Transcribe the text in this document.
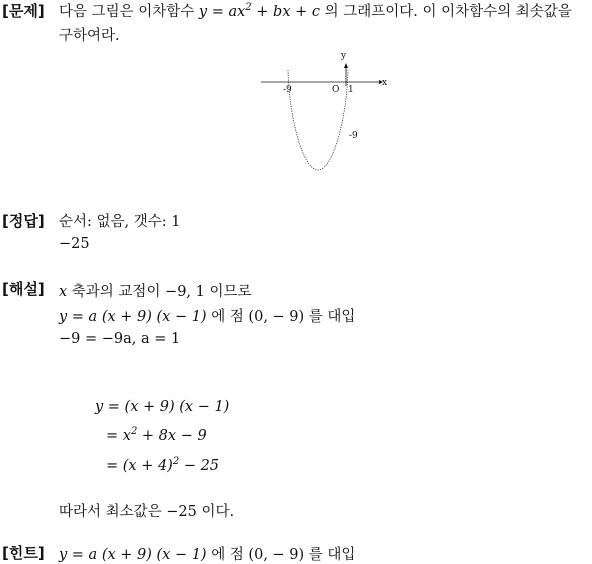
[문제] 다음 그림은 이차함수 $y = ax^2$ + bx + c 의 그래프이다. 이 이차함수의 최솟값을
구하여라.
x
y
-9	O 1
-9
[정답] 순서: 없음, 갯수: 1
−25
[해설] x 축과의 교점이 −9, 1 이므로
y = a (x + 9) (x − 1) 에 점 (0, − 9) 를 대입
−9 = −9a, a = 1
y = (x + 9) (x − 1)
= $x^2 + 8x - 9$
= $(x + 4)^2 - 25$
따라서 최소값은 −25 이다.
[힌트] y = a (x + 9) (x − 1) 에 점 (0, − 9) 를 대입
